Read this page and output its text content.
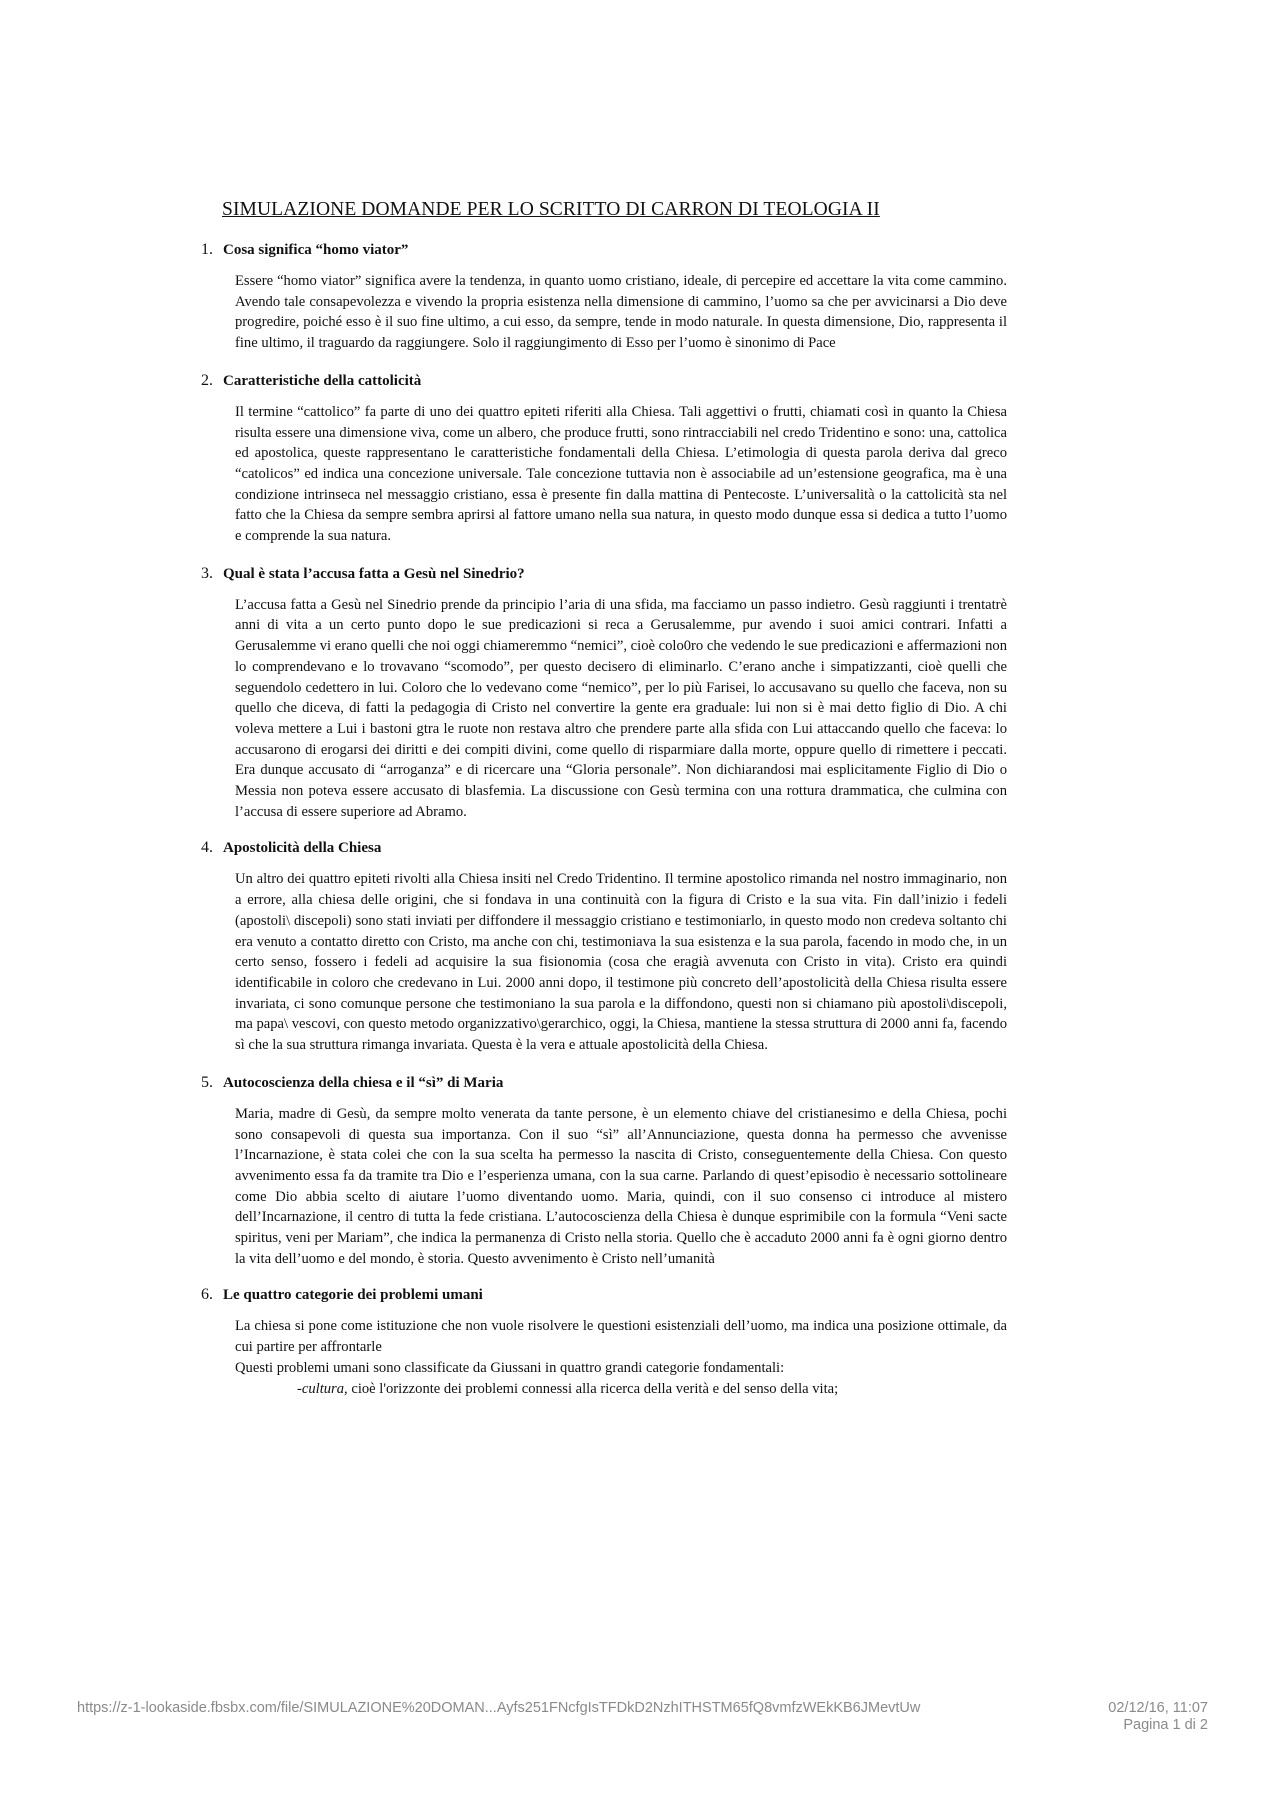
SIMULAZIONE DOMANDE PER LO SCRITTO DI CARRON DI TEOLOGIA II
1. Cosa significa “homo viator”

Essere “homo viator” significa avere la tendenza, in quanto uomo cristiano, ideale, di percepire ed accettare la vita come cammino. Avendo tale consapevolezza e vivendo la propria esistenza nella dimensione di cammino, l’uomo sa che per avvicinarsi a Dio deve progredire, poiché esso è il suo fine ultimo, a cui esso, da sempre, tende in modo naturale. In questa dimensione, Dio, rappresenta il fine ultimo, il traguardo da raggiungere. Solo il raggiungimento di Esso per l’uomo è sinonimo di Pace

2. Caratteristiche della cattolicità

Il termine “cattolico” fa parte di uno dei quattro epiteti riferiti alla Chiesa. Tali aggettivi o frutti, chiamati così in quanto la Chiesa risulta essere una dimensione viva, come un albero, che produce frutti, sono rintracciabili nel credo Tridentino e sono: una, cattolica ed apostolica, queste rappresentano le caratteristiche fondamentali della Chiesa. L’etimologia di questa parola deriva dal greco “catolicos” ed indica una concezione universale. Tale concezione tuttavia non è associabile ad un’estensione geografica, ma è una condizione intrinseca nel messaggio cristiano, essa è presente fin dalla mattina di Pentecoste. L’universalità o la cattolicità sta nel fatto che la Chiesa da sempre sembra aprirsi al fattore umano nella sua natura, in questo modo dunque essa si dedica a tutto l’uomo e comprende la sua natura.

3. Qual è stata l’accusa fatta a Gesù nel Sinedrio?

L’accusa fatta a Gesù nel Sinedrio prende da principio l’aria di una sfida, ma facciamo un passo indietro. Gesù raggiunti i trentatrè anni di vita a un certo punto dopo le sue predicazioni si reca a Gerusalemme, pur avendo i suoi amici contrari. Infatti a Gerusalemme vi erano quelli che noi oggi chiameremmo “nemici”, cioè colo0ro che vedendo le sue predicazioni e affermazioni non lo comprendevano e lo trovavano “scomodo”, per questo decisero di eliminarlo. C’erano anche i simpatizzanti, cioè quelli che seguendolo cedettero in lui. Coloro che lo vedevano come “nemico”, per lo più Farisei, lo accusavano su quello che faceva, non su quello che diceva, di fatti la pedagogia di Cristo nel convertire la gente era graduale: lui non si è mai detto figlio di Dio. A chi voleva mettere a Lui i bastoni gtra le ruote non restava altro che prendere parte alla sfida con Lui attaccando quello che faceva: lo accusarono di erogarsi dei diritti e dei compiti divini, come quello di risparmiare dalla morte, oppure quello di rimettere i peccati. Era dunque accusato di “arroganza” e di ricercare una “Gloria personale”. Non dichiarandosi mai esplicitamente Figlio di Dio o Messia non poteva essere accusato di blasfemia. La discussione con Gesù termina con una rottura drammatica, che culmina con l’accusa di essere superiore ad Abramo.

4. Apostolicità della Chiesa

Un altro dei quattro epiteti rivolti alla Chiesa insiti nel Credo Tridentino. Il termine apostolico rimanda nel nostro immaginario, non a errore, alla chiesa delle origini, che si fondava in una continuità con la figura di Cristo e la sua vita. Fin dall’inizio i fedeli (apostoli\ discepoli) sono stati inviati per diffondere il messaggio cristiano e testimoniarlo, in questo modo non credeva soltanto chi era venuto a contatto diretto con Cristo, ma anche con chi, testimoniava la sua esistenza e la sua parola, facendo in modo che, in un certo senso, fossero i fedeli ad acquisire la sua fisionomia (cosa che eragià avvenuta con Cristo in vita). Cristo era quindi identificabile in coloro che credevano in Lui. 2000 anni dopo, il testimone più concreto dell’apostolicità della Chiesa risulta essere invariata, ci sono comunque persone che testimoniano la sua parola e la diffondono, questi non si chiamano più apostoli\discepoli, ma papa\ vescovi, con questo metodo organizzativo\gerarchico, oggi, la Chiesa, mantiene la stessa struttura di 2000 anni fa, facendo sì che la sua struttura rimanga invariata. Questa è la vera e attuale apostolicità della Chiesa.

5. Autocoscienza della chiesa e il “sì” di Maria

Maria, madre di Gesù, da sempre molto venerata da tante persone, è un elemento chiave del cristianesimo e della Chiesa, pochi sono consapevoli di questa sua importanza. Con il suo “sì” all’Annunciazione, questa donna ha permesso che avvenisse l’Incarnazione, è stata colei che con la sua scelta ha permesso la nascita di Cristo, conseguentemente della Chiesa. Con questo avvenimento essa fa da tramite tra Dio e l’esperienza umana, con la sua carne. Parlando di quest’episodio è necessario sottolineare come Dio abbia scelto di aiutare l’uomo diventando uomo. Maria, quindi, con il suo consenso ci introduce al mistero dell’Incarnazione, il centro di tutta la fede cristiana. L’autocoscienza della Chiesa è dunque esprimibile con la formula “Veni sacte spiritus, veni per Mariam”, che indica la permanenza di Cristo nella storia. Quello che è accaduto 2000 anni fa è ogni giorno dentro la vita dell’uomo e del mondo, è storia. Questo avvenimento è Cristo nell’umanità

6. Le quattro categorie dei problemi umani

La chiesa si pone come istituzione che non vuole risolvere le questioni esistenziali dell’uomo, ma indica una posizione ottimale, da cui partire per affrontarle

Questi problemi umani sono classificate da Giussani in quattro grandi categorie fondamentali:

-cultura, cioè l'orizzonte dei problemi connessi alla ricerca della verità e del senso della vita;

https://z-1-lookaside.fbsbx.com/file/SIMULAZIONE%20DOMAN...Ayfs251FNcfgIsTFDkD2NzhITHSTM65fQ8vmfzWEkKB6JMevtUw	02/12/16, 11:07
Pagina 1 di 2
